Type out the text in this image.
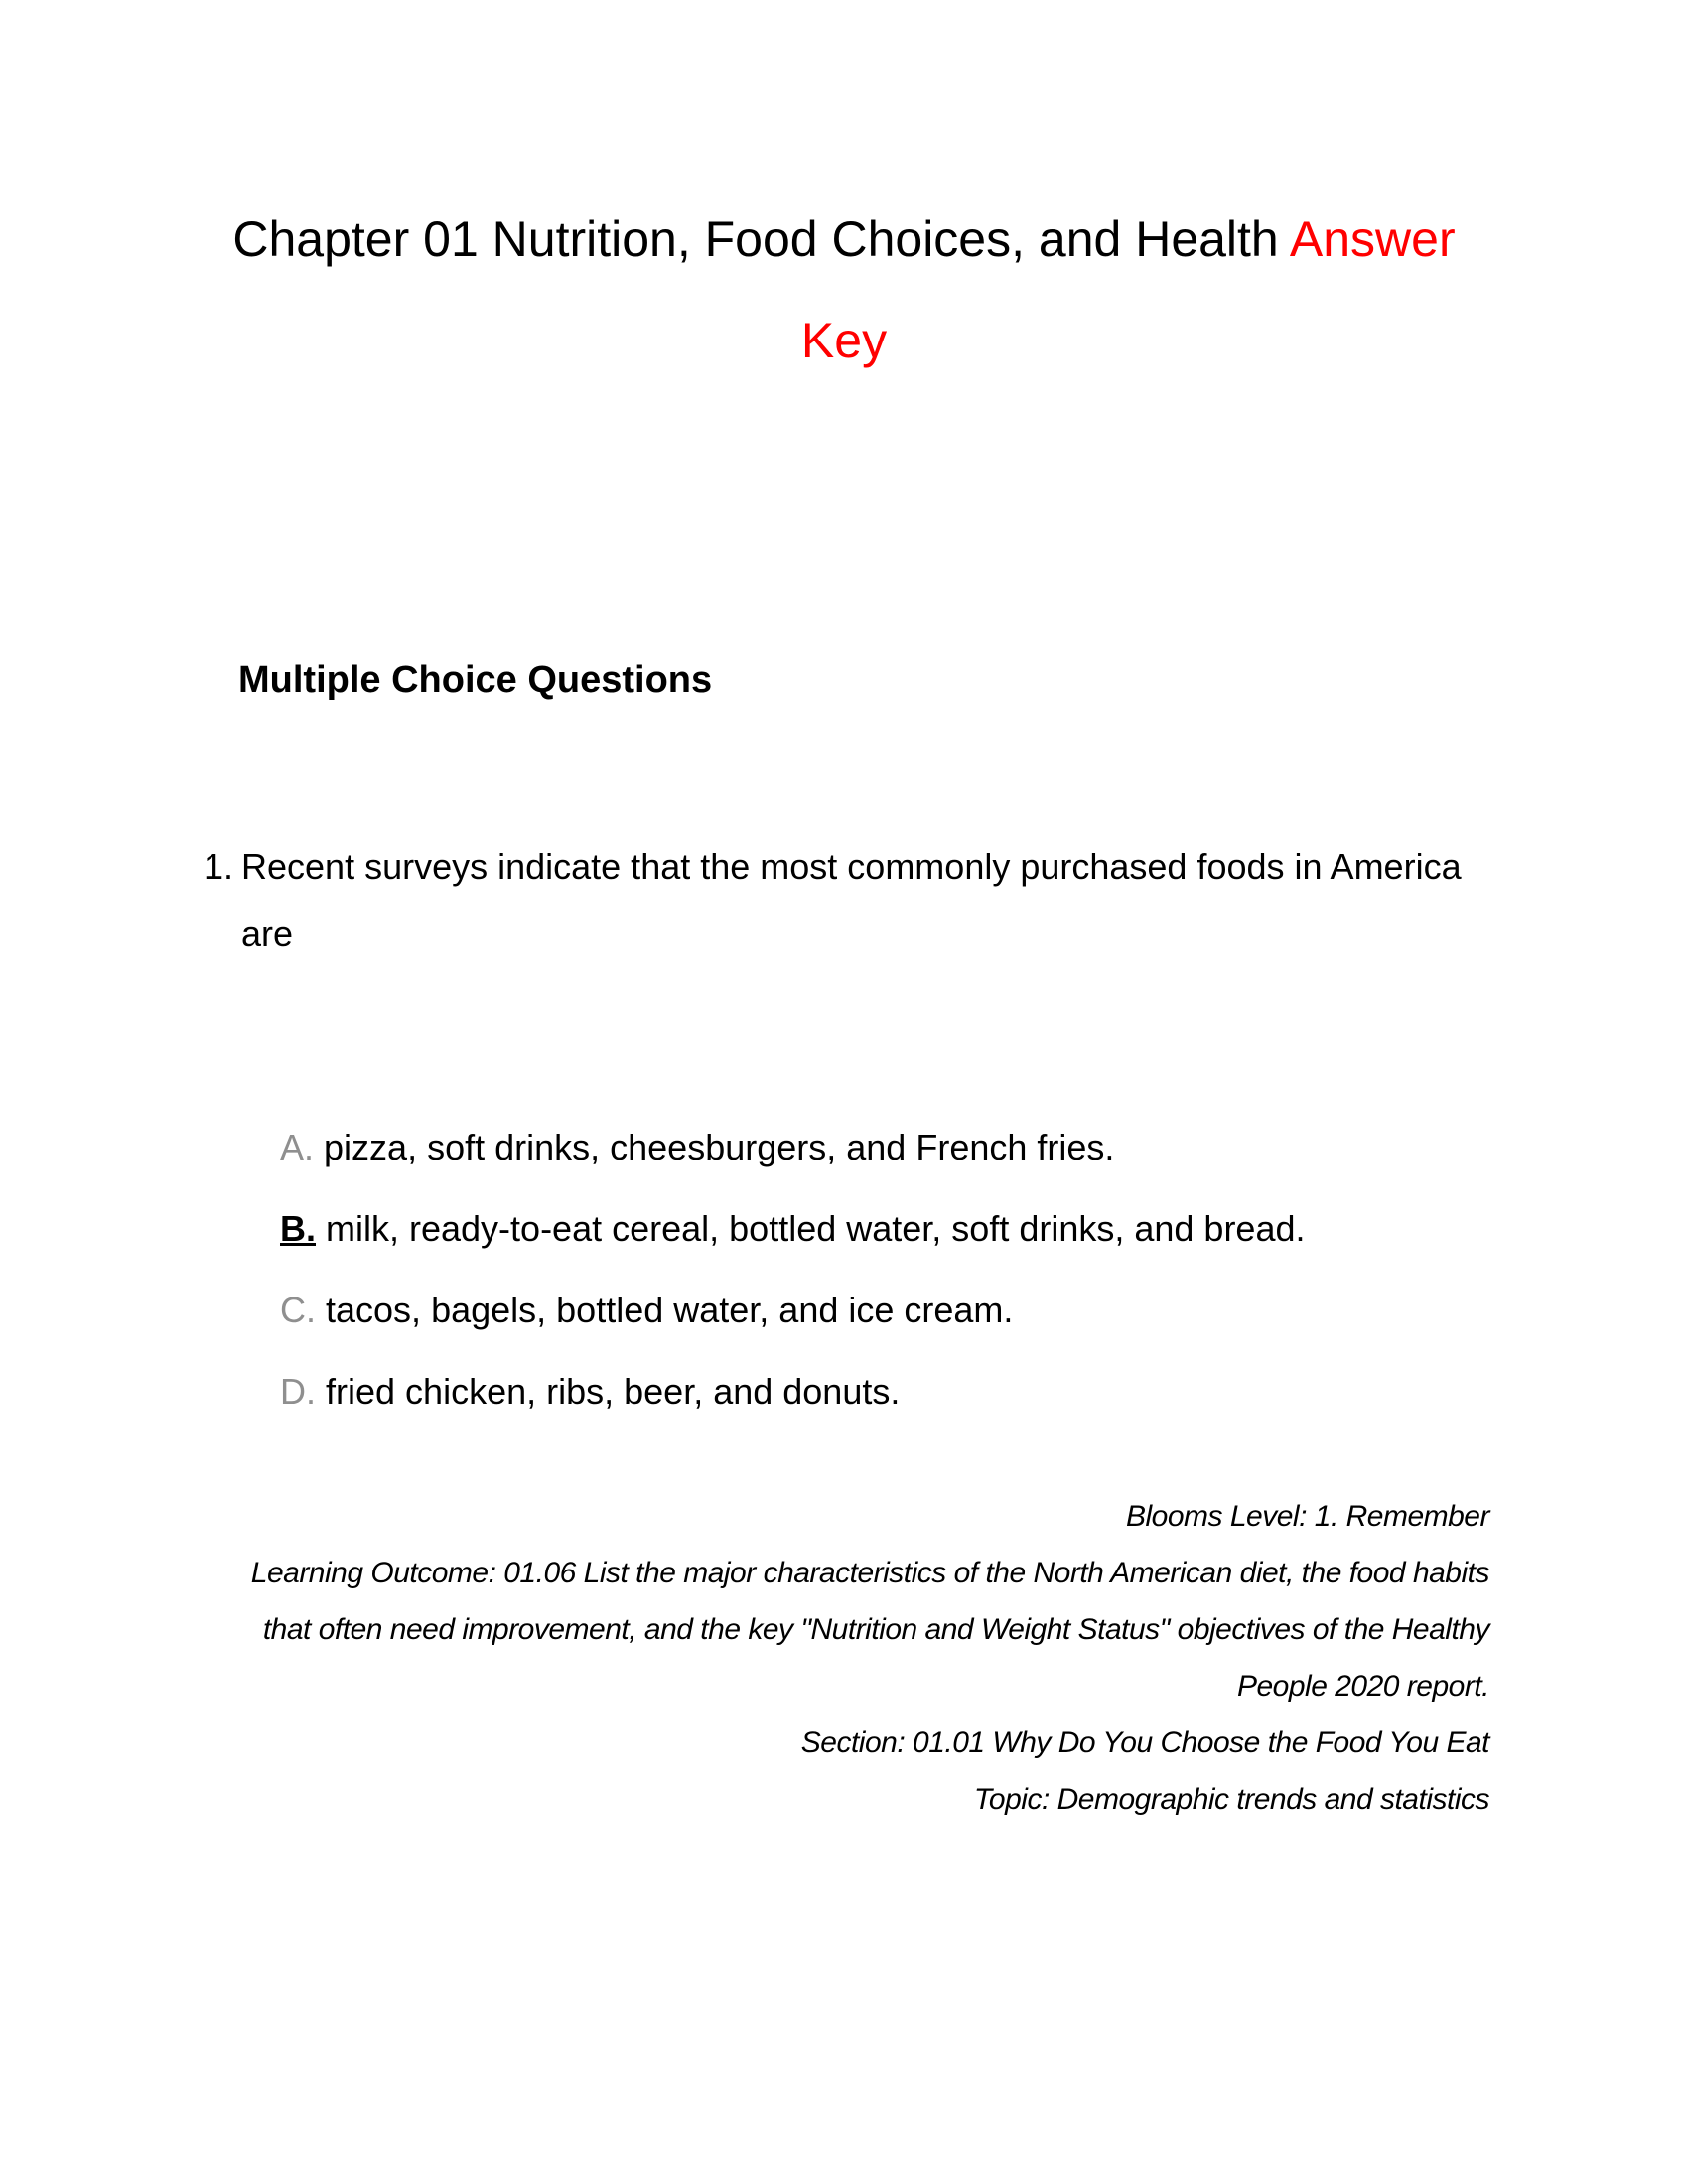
Chapter 01 Nutrition, Food Choices, and Health Answer Key
Multiple Choice Questions
1. Recent surveys indicate that the most commonly purchased foods in America are

A. pizza, soft drinks, cheesburgers, and French fries.

B. milk, ready-to-eat cereal, bottled water, soft drinks, and bread.

C. tacos, bagels, bottled water, and ice cream.

D. fried chicken, ribs, beer, and donuts.

Blooms Level: 1. Remember

Learning Outcome: 01.06 List the major characteristics of the North American diet, the food habits that often need improvement, and the key "Nutrition and Weight Status" objectives of the Healthy People 2020 report.

Section: 01.01 Why Do You Choose the Food You Eat

Topic: Demographic trends and statistics
